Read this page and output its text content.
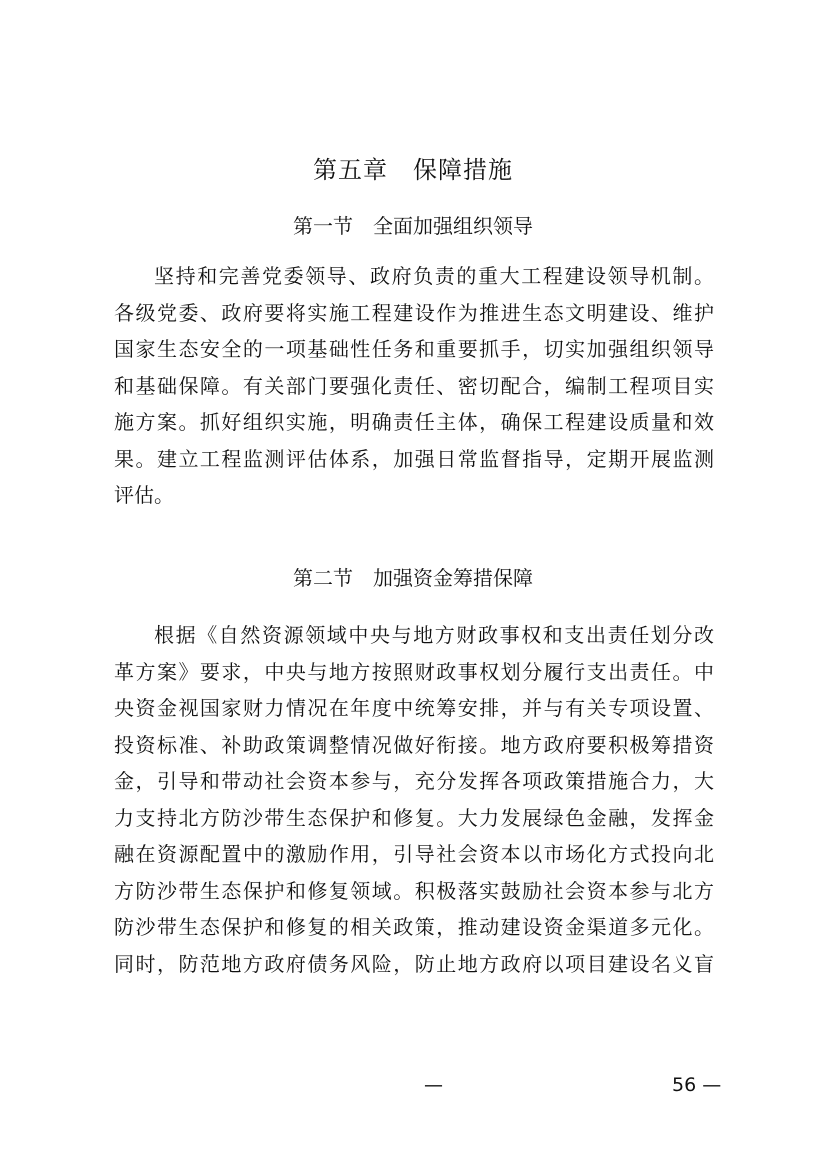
第五章　保障措施
第一节　全面加强组织领导
坚持和完善党委领导、政府负责的重大工程建设领导机制。
各级党委、政府要将实施工程建设作为推进生态文明建设、维护
国家生态安全的一项基础性任务和重要抓手，切实加强组织领导
和基础保障。有关部门要强化责任、密切配合，编制工程项目实
施方案。抓好组织实施，明确责任主体，确保工程建设质量和效
果。建立工程监测评估体系，加强日常监督指导，定期开展监测
评估。
第二节　加强资金筹措保障
根据《自然资源领域中央与地方财政事权和支出责任划分改
革方案》要求，中央与地方按照财政事权划分履行支出责任。中
央资金视国家财力情况在年度中统筹安排，并与有关专项设置、
投资标准、补助政策调整情况做好衔接。地方政府要积极筹措资
金，引导和带动社会资本参与，充分发挥各项政策措施合力，大
力支持北方防沙带生态保护和修复。大力发展绿色金融，发挥金
融在资源配置中的激励作用，引导社会资本以市场化方式投向北
方防沙带生态保护和修复领域。积极落实鼓励社会资本参与北方
防沙带生态保护和修复的相关政策，推动建设资金渠道多元化。
同时，防范地方政府债务风险，防止地方政府以项目建设名义盲
—	56 —
